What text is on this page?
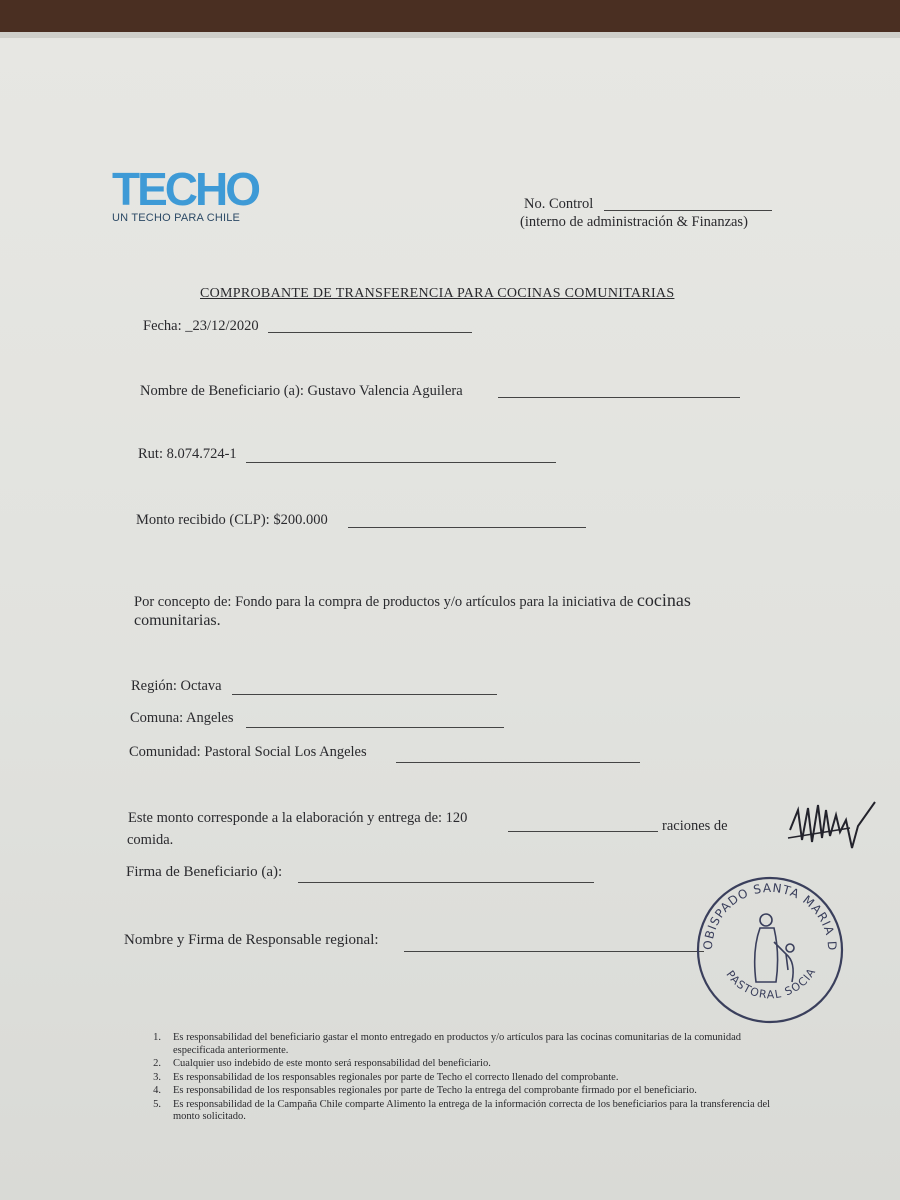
TECHO
UN TECHO PARA CHILE
No. Control
(interno de administración & Finanzas)
COMPROBANTE DE TRANSFERENCIA PARA COCINAS COMUNITARIAS
Fecha: _23/12/2020
Nombre de Beneficiario (a): Gustavo Valencia Aguilera
Rut: 8.074.724-1
Monto recibido (CLP): $200.000
Por concepto de: Fondo para la compra de productos y/o artículos para la iniciativa de cocinas
comunitarias.
Región: Octava
Comuna: Angeles
Comunidad: Pastoral Social Los Angeles
Este monto corresponde a la elaboración y entrega de: 120	raciones de
comida.
Firma de Beneficiario (a):
Nombre y Firma de Responsable regional:
1. Es responsabilidad del beneficiario gastar el monto entregado en productos y/o artículos para las cocinas comunitarias de la comunidad especificada anteriormente.
2. Cualquier uso indebido de este monto será responsabilidad del beneficiario.
3. Es responsabilidad de los responsables regionales por parte de Techo el correcto llenado del comprobante.
4. Es responsabilidad de los responsables regionales por parte de Techo la entrega del comprobante firmado por el beneficiario.
5. Es responsabilidad de la Campaña Chile comparte Alimento la entrega de la información correcta de los beneficiarios para la transferencia del monto solicitado.
OBISPADO SANTA MARIA D
PASTORAL SOCIA
